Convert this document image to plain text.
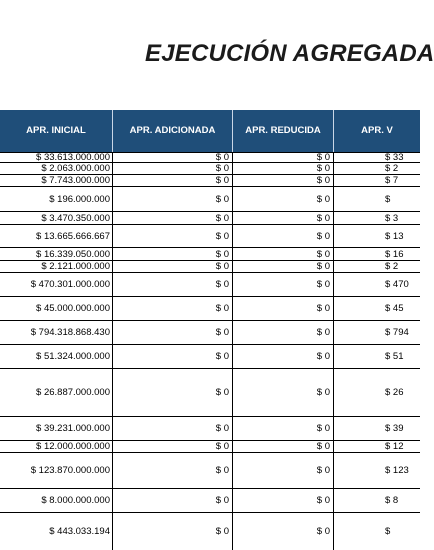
EJECUCIÓN AGREGADA
APR. INICIAL	APR. ADICIONADA	APR. REDUCIDA	APR. V
$ 33.613.000.000	$ 0	$ 0	$ 33
$ 2.063.000.000	$ 0	$ 0	$ 2
$ 7.743.000.000	$ 0	$ 0	$ 7
$ 196.000.000	$ 0	$ 0	$
$ 3.470.350.000	$ 0	$ 0	$ 3
$ 13.665.666.667	$ 0	$ 0	$ 13
$ 16.339.050.000	$ 0	$ 0	$ 16
$ 2.121.000.000	$ 0	$ 0	$ 2
$ 470.301.000.000	$ 0	$ 0	$ 470
$ 45.000.000.000	$ 0	$ 0	$ 45
$ 794.318.868.430	$ 0	$ 0	$ 794
$ 51.324.000.000	$ 0	$ 0	$ 51
$ 26.887.000.000	$ 0	$ 0	$ 26
$ 39.231.000.000	$ 0	$ 0	$ 39
$ 12.000.000.000	$ 0	$ 0	$ 12
$ 123.870.000.000	$ 0	$ 0	$ 123
$ 8.000.000.000	$ 0	$ 0	$ 8
$ 443.033.194	$ 0	$ 0	$
